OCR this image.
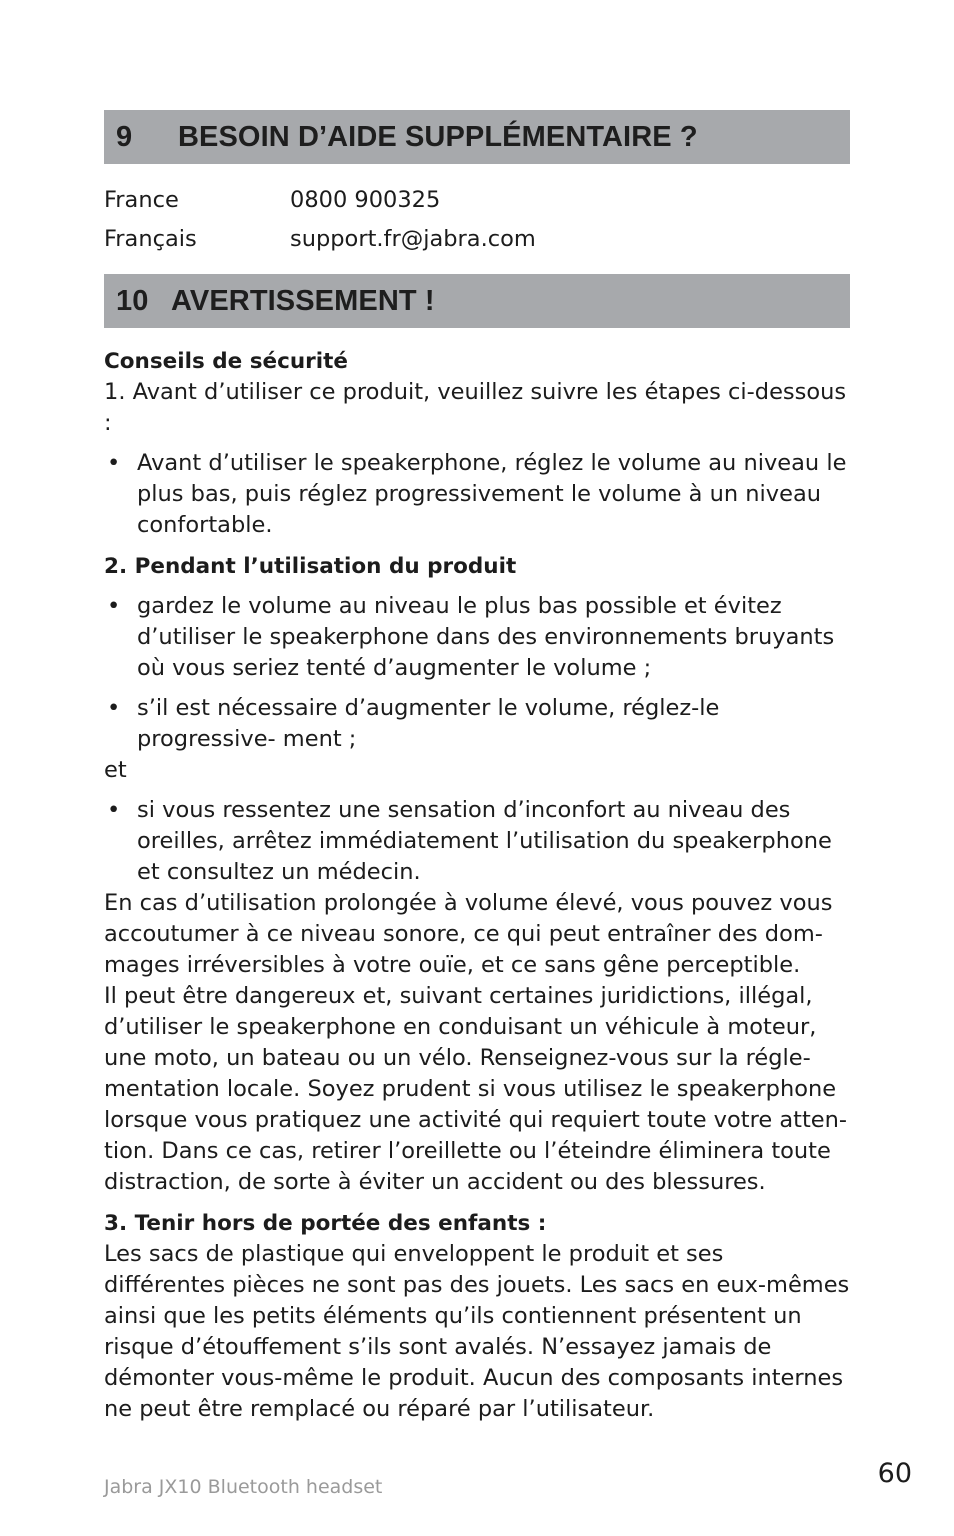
9	BESOIN D’AIDE SUPPLÉMENTAIRE ?
France	0800 900325
Français	support.fr@jabra.com
10 AVERTISSEMENT !
Conseils de sécurité

1. Avant d’utiliser ce produit, veuillez suivre les étapes ci-dessous :

• Avant d’utiliser le speakerphone, réglez le volume au niveau le plus bas, puis réglez progressivement le volume à un niveau confortable.
2. Pendant l’utilisation du produit
• gardez le volume au niveau le plus bas possible et évitez d’utiliser le speakerphone dans des environnements bruyants où vous seriez tenté d’augmenter le volume ;
• s’il est nécessaire d’augmenter le volume, réglez-le progressive- ment ;

et

• si vous ressentez une sensation d’inconfort au niveau des oreilles, arrêtez immédiatement l’utilisation du speakerphone et consultez un médecin.

En cas d’utilisation prolongée à volume élevé, vous pouvez vous accoutumer à ce niveau sonore, ce qui peut entraîner des dom- mages irréversibles à votre ouïe, et ce sans gêne perceptible.

Il peut être dangereux et, suivant certaines juridictions, illégal, d’utiliser le speakerphone en conduisant un véhicule à moteur, une moto, un bateau ou un vélo. Renseignez-vous sur la régle- mentation locale. Soyez prudent si vous utilisez le speakerphone lorsque vous pratiquez une activité qui requiert toute votre atten- tion. Dans ce cas, retirer l’oreillette ou l’éteindre éliminera toute distraction, de sorte à éviter un accident ou des blessures.

3. Tenir hors de portée des enfants :

Les sacs de plastique qui enveloppent le produit et ses différentes pièces ne sont pas des jouets. Les sacs en eux-mêmes ainsi que les petits éléments qu’ils contiennent présentent un risque d’étouffement s’ils sont avalés. N’essayez jamais de démonter vous-même le produit. Aucun des composants internes ne peut être remplacé ou réparé par l’utilisateur.

Jabra JX10 Bluetooth headset	60
